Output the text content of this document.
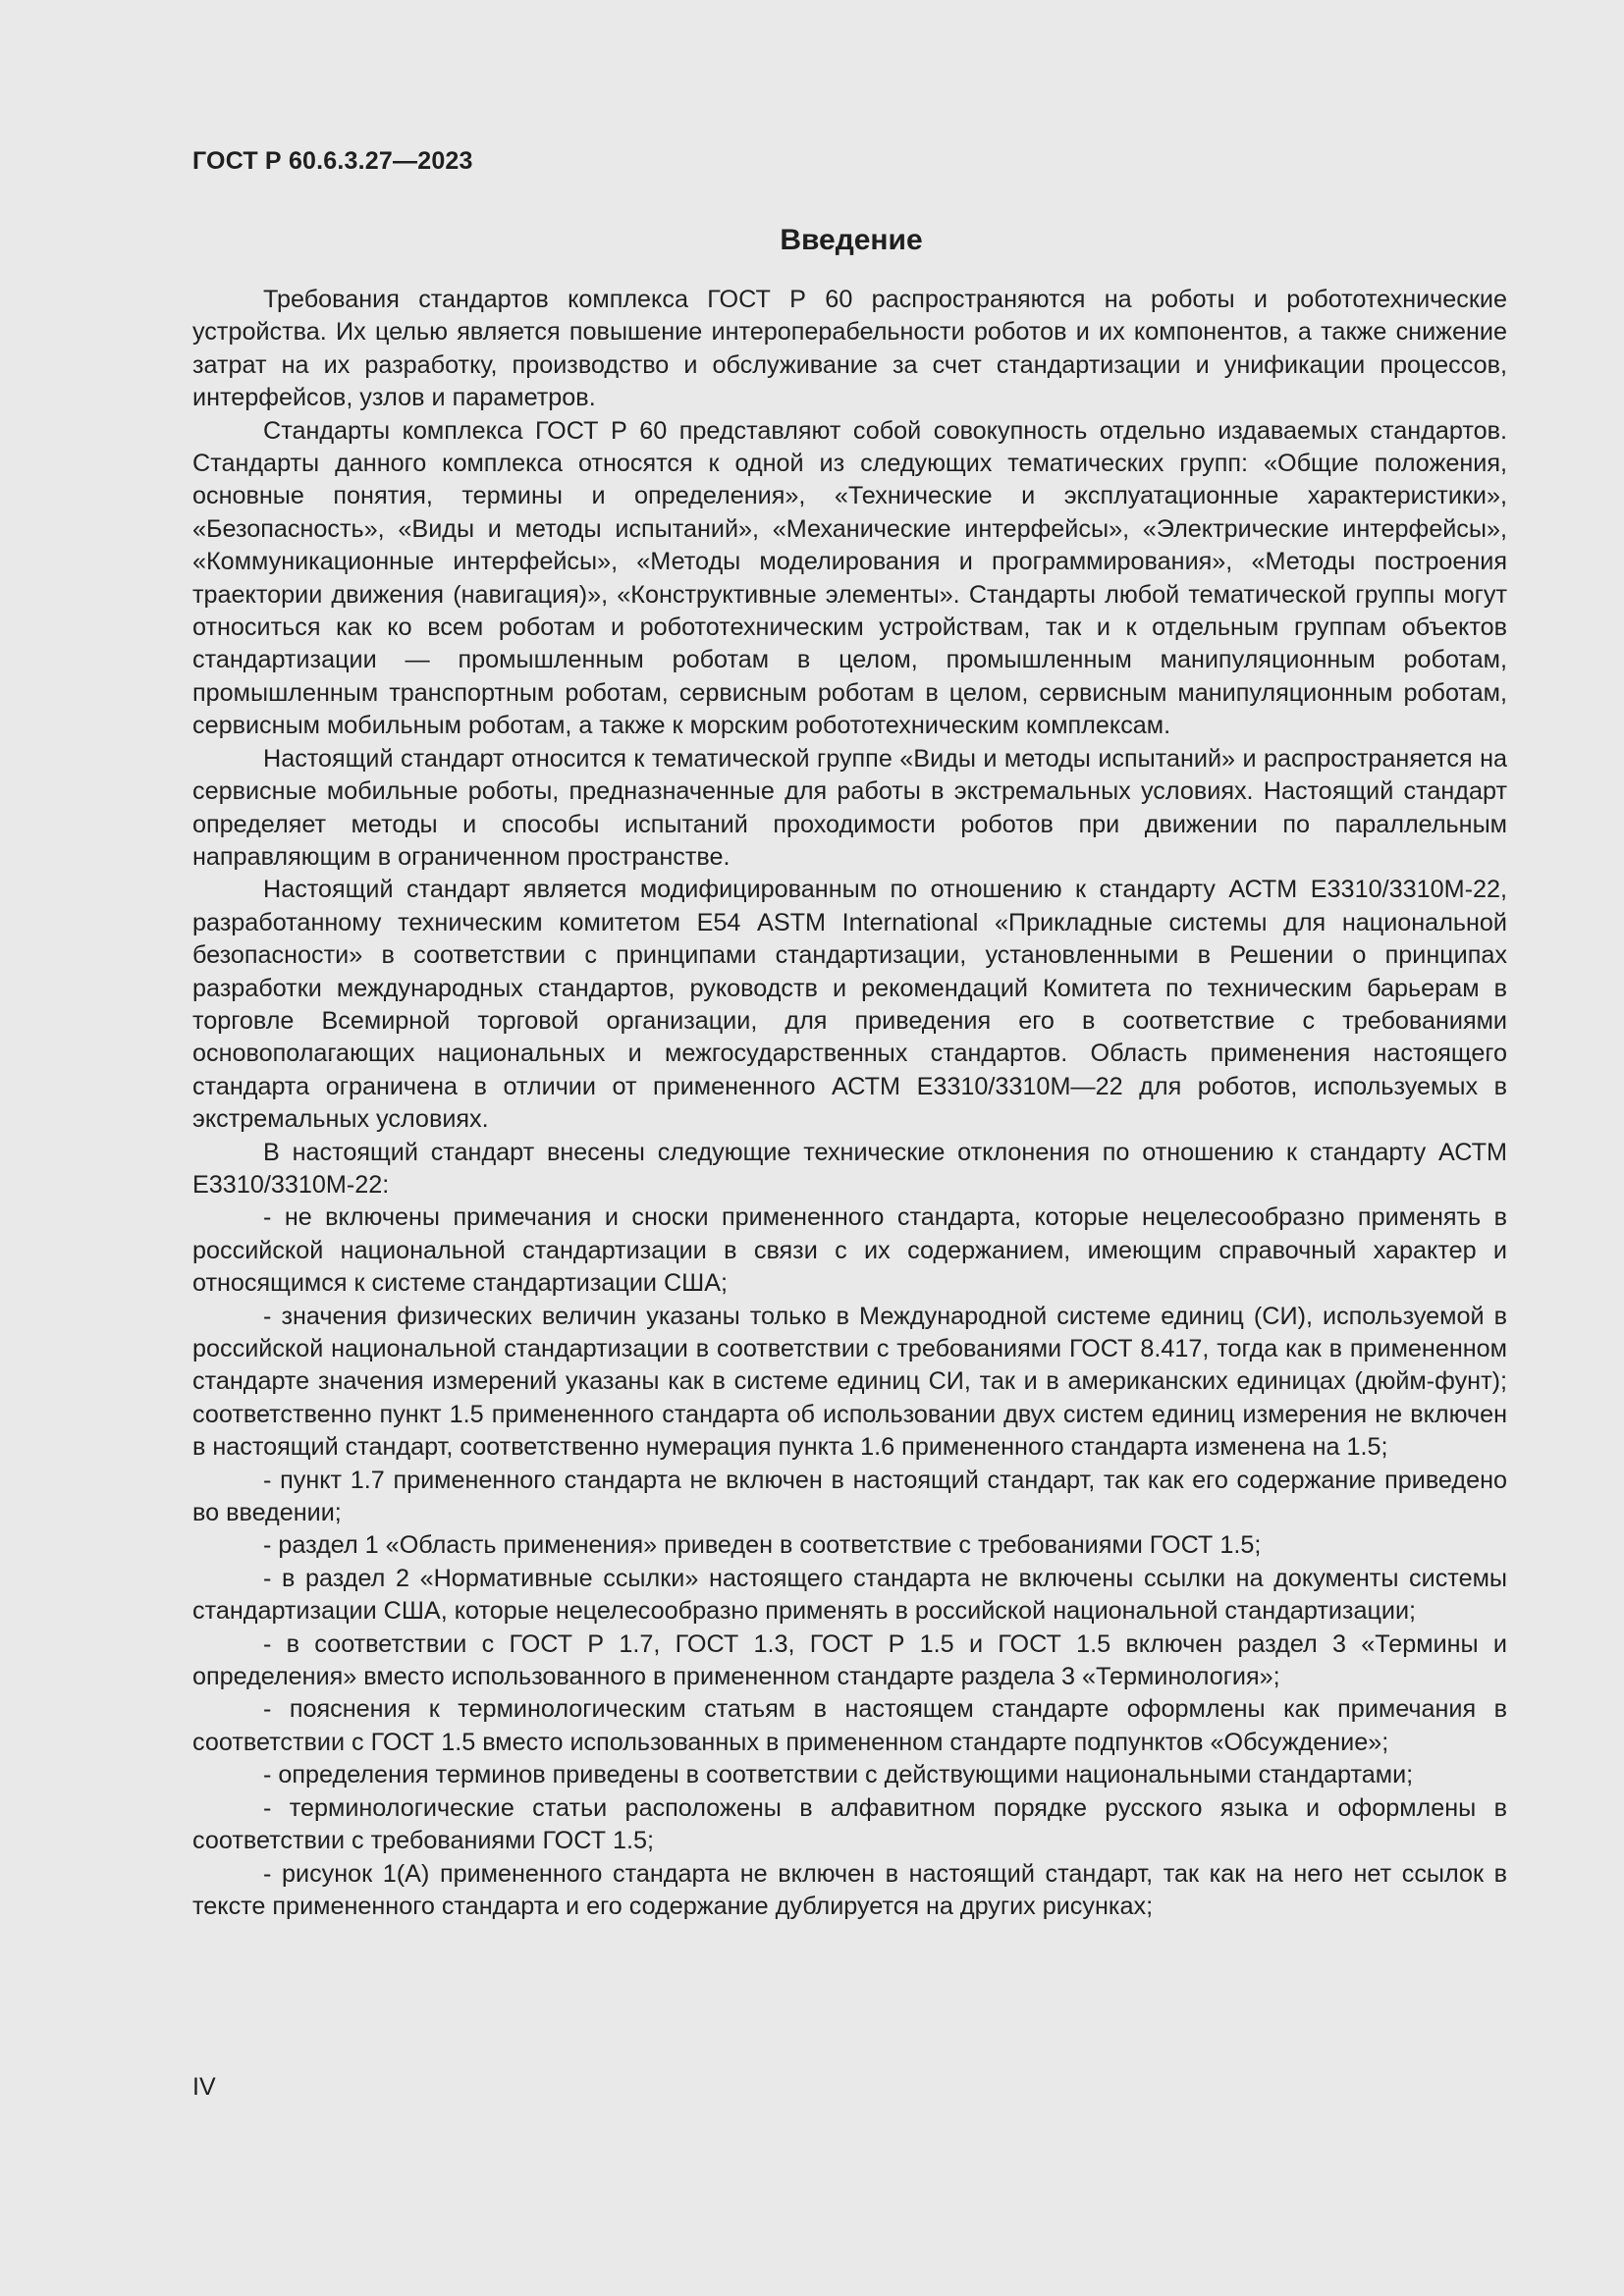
ГОСТ Р 60.6.3.27—2023
Введение

Требования стандартов комплекса ГОСТ Р 60 распространяются на роботы и робототехнические устройства. Их целью является повышение интероперабельности роботов и их компонентов, а также снижение затрат на их разработку, производство и обслуживание за счет стандартизации и унификации процессов, интерфейсов, узлов и параметров.

Стандарты комплекса ГОСТ Р 60 представляют собой совокупность отдельно издаваемых стандартов. Стандарты данного комплекса относятся к одной из следующих тематических групп: «Общие положения, основные понятия, термины и определения», «Технические и эксплуатационные характеристики», «Безопасность», «Виды и методы испытаний», «Механические интерфейсы», «Электрические интерфейсы», «Коммуникационные интерфейсы», «Методы моделирования и программирования», «Методы построения траектории движения (навигация)», «Конструктивные элементы». Стандарты любой тематической группы могут относиться как ко всем роботам и робототехническим устройствам, так и к отдельным группам объектов стандартизации — промышленным роботам в целом, промышленным манипуляционным роботам, промышленным транспортным роботам, сервисным роботам в целом, сервисным манипуляционным роботам, сервисным мобильным роботам, а также к морским робототехническим комплексам.

Настоящий стандарт относится к тематической группе «Виды и методы испытаний» и распространяется на сервисные мобильные роботы, предназначенные для работы в экстремальных условиях. Настоящий стандарт определяет методы и способы испытаний проходимости роботов при движении по параллельным направляющим в ограниченном пространстве.

Настоящий стандарт является модифицированным по отношению к стандарту АСТМ Е3310/3310М-22, разработанному техническим комитетом Е54 ASTM International «Прикладные системы для национальной безопасности» в соответствии с принципами стандартизации, установленными в Решении о принципах разработки международных стандартов, руководств и рекомендаций Комитета по техническим барьерам в торговле Всемирной торговой организации, для приведения его в соответствие с требованиями основополагающих национальных и межгосударственных стандартов. Область применения настоящего стандарта ограничена в отличии от примененного АСТМ Е3310/3310М—22 для роботов, используемых в экстремальных условиях.

В настоящий стандарт внесены следующие технические отклонения по отношению к стандарту АСТМ Е3310/3310М-22:

- не включены примечания и сноски примененного стандарта, которые нецелесообразно применять в российской национальной стандартизации в связи с их содержанием, имеющим справочный характер и относящимся к системе стандартизации США;

- значения физических величин указаны только в Международной системе единиц (СИ), используемой в российской национальной стандартизации в соответствии с требованиями ГОСТ 8.417, тогда как в примененном стандарте значения измерений указаны как в системе единиц СИ, так и в американских единицах (дюйм-фунт); соответственно пункт 1.5 примененного стандарта об использовании двух систем единиц измерения не включен в настоящий стандарт, соответственно нумерация пункта 1.6 примененного стандарта изменена на 1.5;

- пункт 1.7 примененного стандарта не включен в настоящий стандарт, так как его содержание приведено во введении;

- раздел 1 «Область применения» приведен в соответствие с требованиями ГОСТ 1.5;

- в раздел 2 «Нормативные ссылки» настоящего стандарта не включены ссылки на документы системы стандартизации США, которые нецелесообразно применять в российской национальной стандартизации;

- в соответствии с ГОСТ Р 1.7, ГОСТ 1.3, ГОСТ Р 1.5 и ГОСТ 1.5 включен раздел 3 «Термины и определения» вместо использованного в примененном стандарте раздела 3 «Терминология»;

- пояснения к терминологическим статьям в настоящем стандарте оформлены как примечания в соответствии с ГОСТ 1.5 вместо использованных в примененном стандарте подпунктов «Обсуждение»;

- определения терминов приведены в соответствии с действующими национальными стандартами;

- терминологические статьи расположены в алфавитном порядке русского языка и оформлены в соответствии с требованиями ГОСТ 1.5;

- рисунок 1(А) примененного стандарта не включен в настоящий стандарт, так как на него нет ссылок в тексте примененного стандарта и его содержание дублируется на других рисунках;

IV
